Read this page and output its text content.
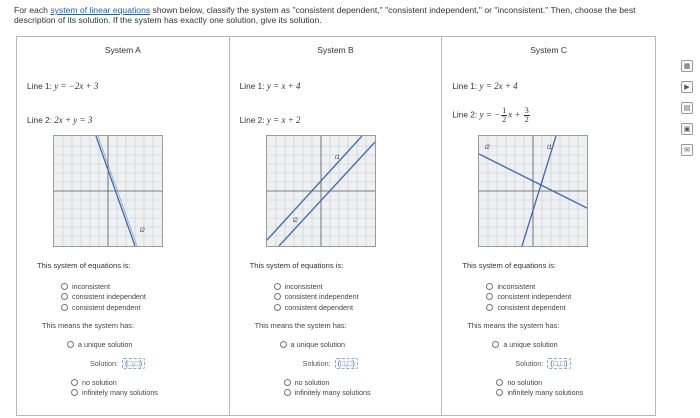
For each system of linear equations shown below, classify the system as "consistent dependent," "consistent independent," or "inconsistent." Then, choose the best description of its solution. If the system has exactly one solution, give its solution.
System A
Line 1: y = −2x + 3
Line 2: 2x + y = 3
l2
This system of equations is:
inconsistent
consistent independent
consistent dependent
This means the system has:
a unique solution
Solution: (□,□)
no solution
infinitely many solutions
System B
Line 1: y = x + 4
Line 2: y = x + 2
l1
l2
This system of equations is:
inconsistent
consistent independent
consistent dependent
This means the system has:
a unique solution
Solution: (□,□)
no solution
infinitely many solutions
System C
Line 1: y = 2x + 4
Line 2: y = − $\frac{1}{2}$ $x + \frac{3}{2}$
l2	l1
This system of equations is:
inconsistent
consistent independent
consistent dependent
This means the system has:
a unique solution
Solution: (□,□)
no solution
infinitely many solutions
▦
▶
▤
▣
✉
